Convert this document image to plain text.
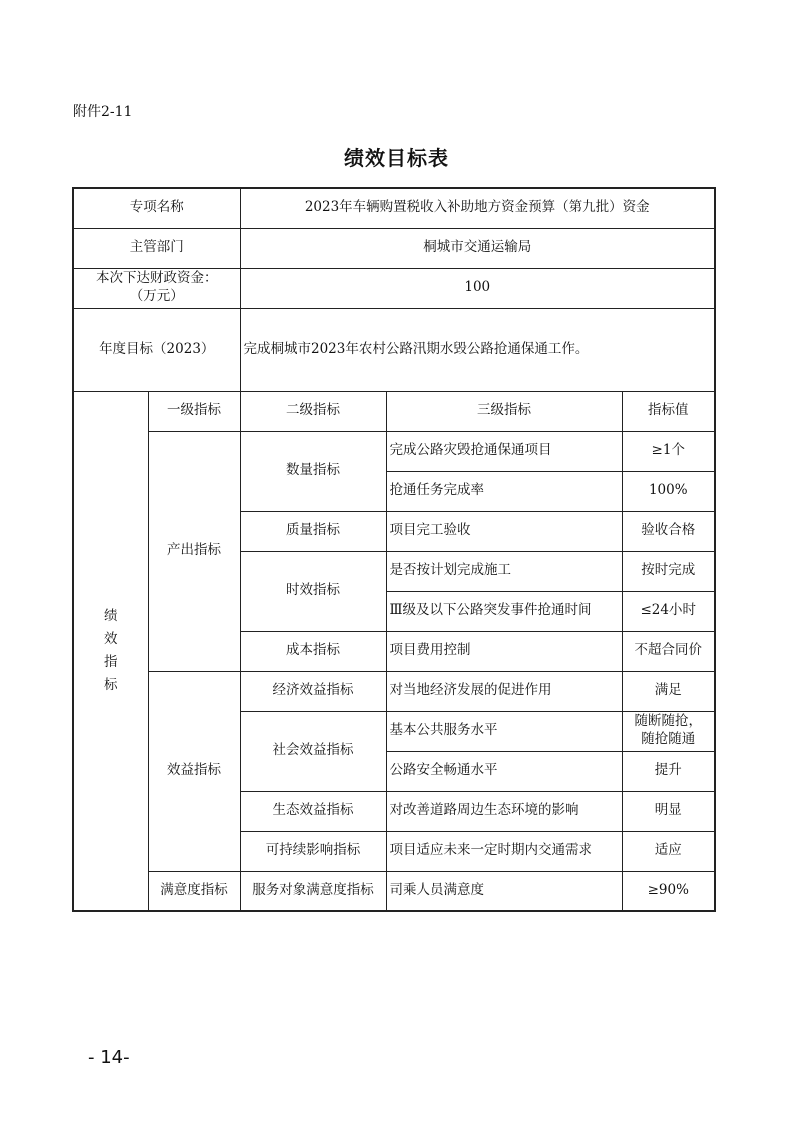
附件2-11
绩效目标表
专项名称		2023年车辆购置税收入补助地方资金预算（第九批）资金		
主管部门		桐城市交通运输局		
本次下达财政资金：
（万元）		100		
年度目标（2023）		完成桐城市2023年农村公路汛期水毁公路抢通保通工作。		
绩
效
指
标	一级指标	二级指标	三级指标	指标值
	产出指标	数量指标	完成公路灾毁抢通保通项目	≥1个
			抢通任务完成率	100%
		质量指标	项目完工验收	验收合格
		时效指标	是否按计划完成施工	按时完成
			Ⅲ级及以下公路突发事件抢通时间	≤24小时
		成本指标	项目费用控制	不超合同价
	效益指标	经济效益指标	对当地经济发展的促进作用	满足
		社会效益指标	基本公共服务水平	随断随抢，
随抢随通
			公路安全畅通水平	提升
		生态效益指标	对改善道路周边生态环境的影响	明显
		可持续影响指标	项目适应未来一定时期内交通需求	适应
	满意度指标	服务对象满意度指标	司乘人员满意度	≥90%
- 14-
